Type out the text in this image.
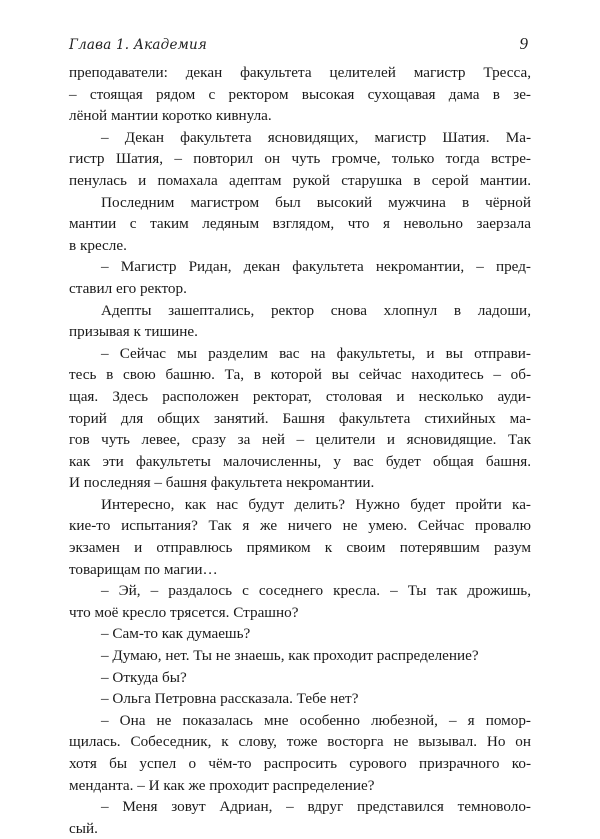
Глава 1. Академия	9
преподаватели: декан факультета целителей магистр Тресса,
– стоящая рядом с ректором высокая сухощавая дама в зе-
лёной мантии коротко кивнула.
– Декан факультета ясновидящих, магистр Шатия. Ма-
гистр Шатия, – повторил он чуть громче, только тогда встре-
пенулась и помахала адептам рукой старушка в серой мантии.
Последним магистром был высокий мужчина в чёрной
мантии с таким ледяным взглядом, что я невольно заерзала
в кресле.
– Магистр Ридан, декан факультета некромантии, – пред-
ставил его ректор.
Адепты зашептались, ректор снова хлопнул в ладоши,
призывая к тишине.
– Сейчас мы разделим вас на факультеты, и вы отправи-
тесь в свою башню. Та, в которой вы сейчас находитесь – об-
щая. Здесь расположен ректорат, столовая и несколько ауди-
торий для общих занятий. Башня факультета стихийных ма-
гов чуть левее, сразу за ней – целители и ясновидящие. Так
как эти факультеты малочисленны, у вас будет общая башня.
И последняя – башня факультета некромантии.
Интересно, как нас будут делить? Нужно будет пройти ка-
кие-то испытания? Так я же ничего не умею. Сейчас провалю
экзамен и отправлюсь прямиком к своим потерявшим разум
товарищам по магии…
– Эй, – раздалось с соседнего кресла. – Ты так дрожишь,
что моё кресло трясется. Страшно?
– Сам-то как думаешь?
– Думаю, нет. Ты не знаешь, как проходит распределение?
– Откуда бы?
– Ольга Петровна рассказала. Тебе нет?
– Она не показалась мне особенно любезной, – я помор-
щилась. Собеседник, к слову, тоже восторга не вызывал. Но он
хотя бы успел о чём-то распросить сурового призрачного ко-
менданта. – И как же проходит распределение?
– Меня зовут Адриан, – вдруг представился темноволо-
сый.
